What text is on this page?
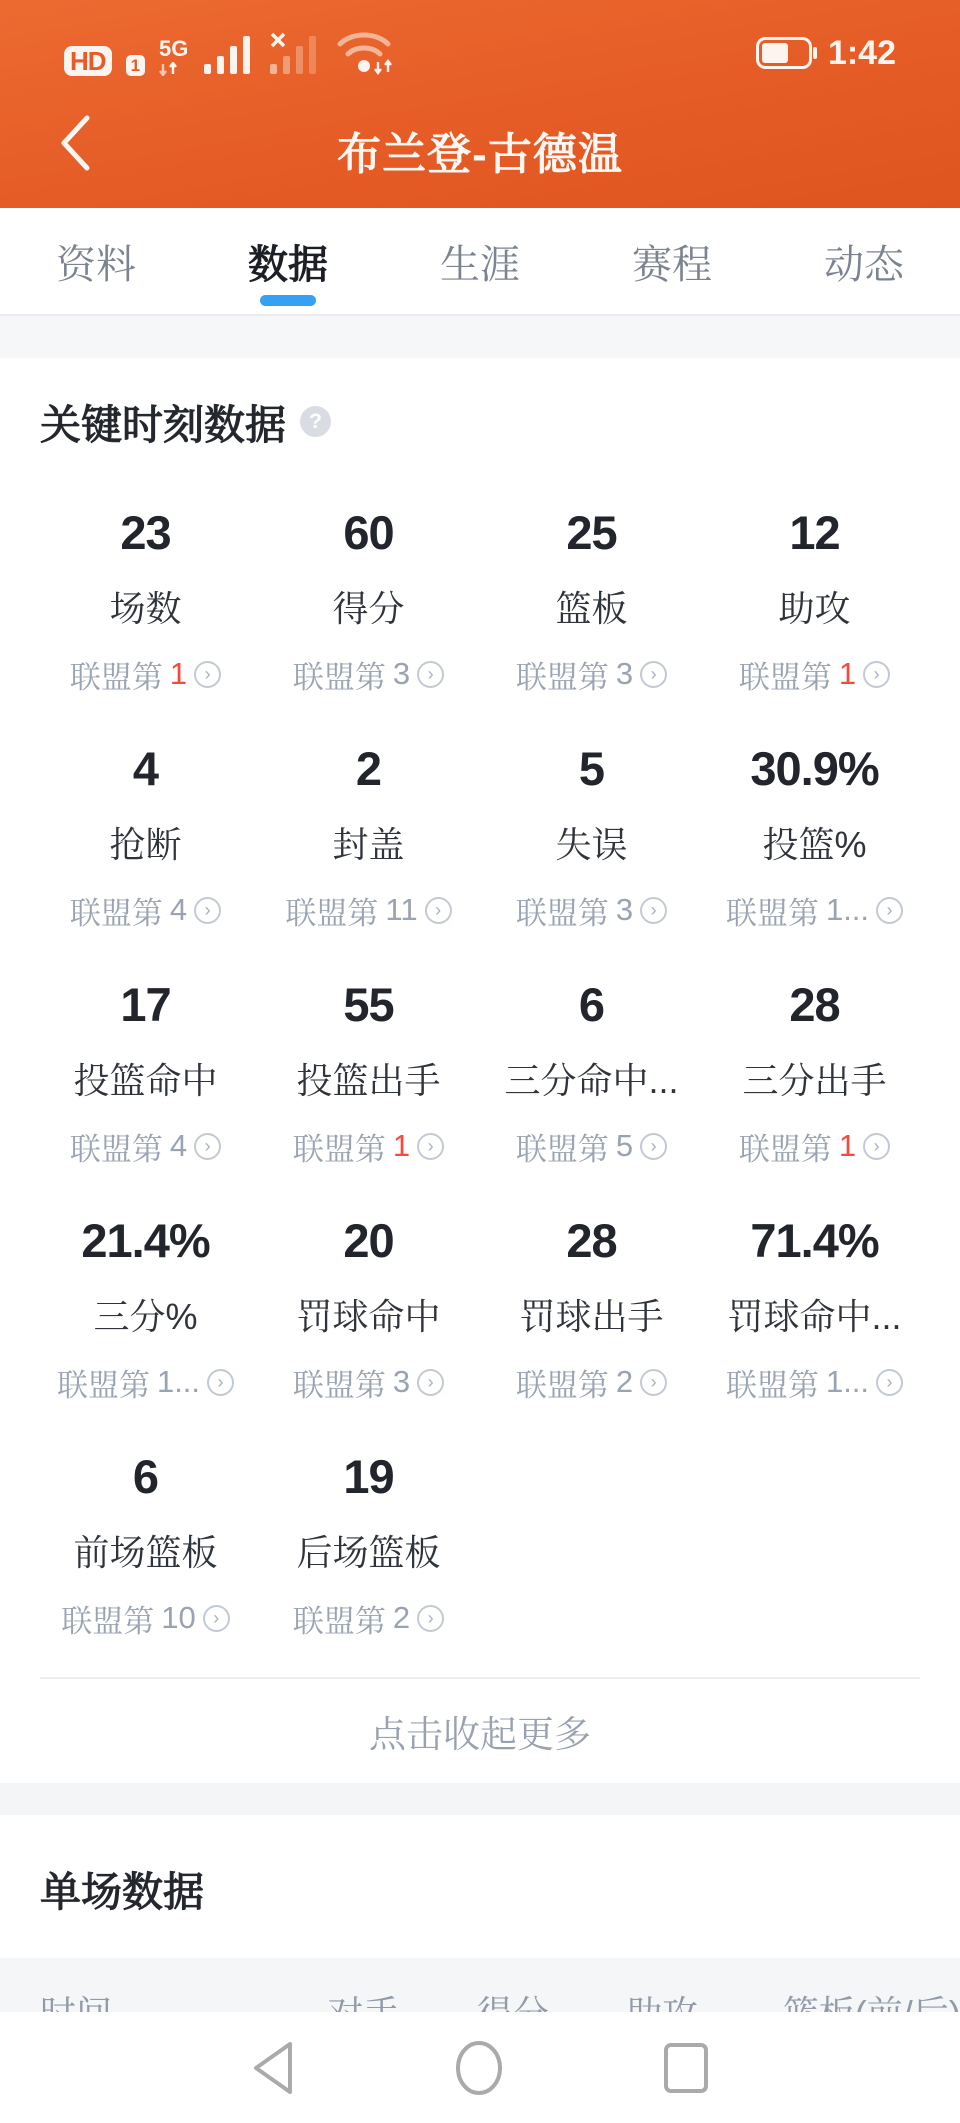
HD	1
5G	1:42
布兰登-古德温
资料	数据	生涯	赛程	动态
关键时刻数据	?
23
场数
联盟第 1 ›
60
得分
联盟第 3 ›
25
篮板
联盟第 3 ›
12
助攻
联盟第 1 ›
4
抢断
联盟第 4 ›
2
封盖
联盟第 11 ›
5
失误
联盟第 3 ›
30.9%
投篮%
联盟第 1... ›
17
投篮命中
联盟第 4 ›
55
投篮出手
联盟第 1 ›
6
三分命中...
联盟第 5 ›
28
三分出手
联盟第 1 ›
21.4%
三分%
联盟第 1... ›
20
罚球命中
联盟第 3 ›
28
罚球出手
联盟第 2 ›
71.4%
罚球命中...
联盟第 1... ›
6
前场篮板
联盟第 10 ›
19
后场篮板
联盟第 2 ›
点击收起更多
单场数据
